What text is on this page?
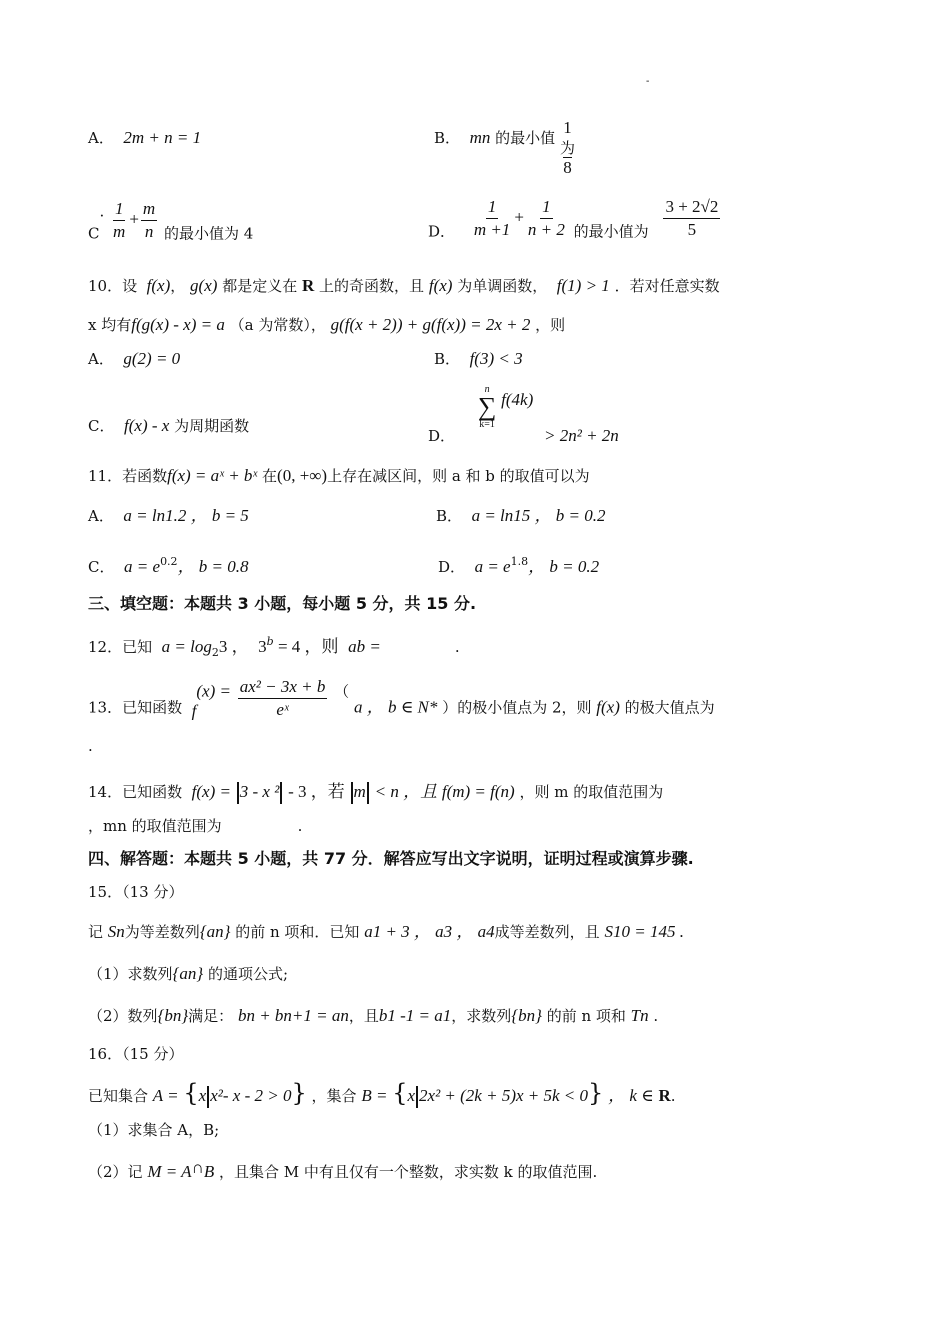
-
A． 2m + n = 1	B． mn 的最小值 1
为
8
C. $\frac{1}{m} + \frac{m}{n}$ 的最小值为 4	D． $\frac{1}{m +1} + \frac{1}{n + 2}$ 的最小值为 $\frac{3 + 2√2}{5}$
10．设 f(x)， g(x) 都是定义在 R 上的奇函数，且 f(x) 为单调函数， f(1) > 1 ．若对任意实数
x 均有f(g(x) - x) = a （a 为常数）， g(f(x + 2)) + g(f(x)) = 2x + 2 ，则
A． g(2) = 0	B． f(3) < 3
C． f(x) - x 为周期函数
D．
n
∑
k=1
f(4k) > 2n² + 2n
11．若函数f(x) = aˣ + bˣ 在(0, +∞)上存在减区间，则 a 和 b 的取值可以为
A． a = ln1.2 ， b = 5	B． a = ln15 ， b = 0.2
C． $a = e^{0.2}$， b = 0.8	D． $a = e^{1.8}$， b = 0.2
三、填空题：本题共 3 小题，每小题 5 分，共 15 分.
12．已知 $a = \log_23$ ， $3^b = 4$ ，则 ab =	.
13．已知函数 $f(x) = \frac{\text{ax² − 3x + b}}{\text{eˣ}}$ （ a ， b ∈ N* ）的极小值点为 2，则 f(x) 的极大值点为
.
14．已知函数 f(x) = 3 - x ² - 3 ，若 m < n ，且 f(m) = f(n) ，则 m 的取值范围为
，mn 的取值范围为	.
四、解答题：本题共 5 小题，共 77 分．解答应写出文字说明，证明过程或演算步骤.
15．（13 分）
记 Sn为等差数列{an} 的前 n 项和．已知 a1 + 3 ， a3 ， a4成等差数列，且 S10 = 145 .
（1）求数列{an} 的通项公式;
（2）数列{bn}满足： bn + bn+1 = an，且b1 -1 = a1，求数列{bn} 的前 n 项和 Tn .
16．（15 分）
已知集合 A = {x x²- x - 2 > 0} ，集合 B = {x 2x² + (2k + 5)x + 5k < 0} ， k ∈ R.
（1）求集合 A，B;
（2）记 M = A∩B ，且集合 M 中有且仅有一个整数，求实数 k 的取值范围.
